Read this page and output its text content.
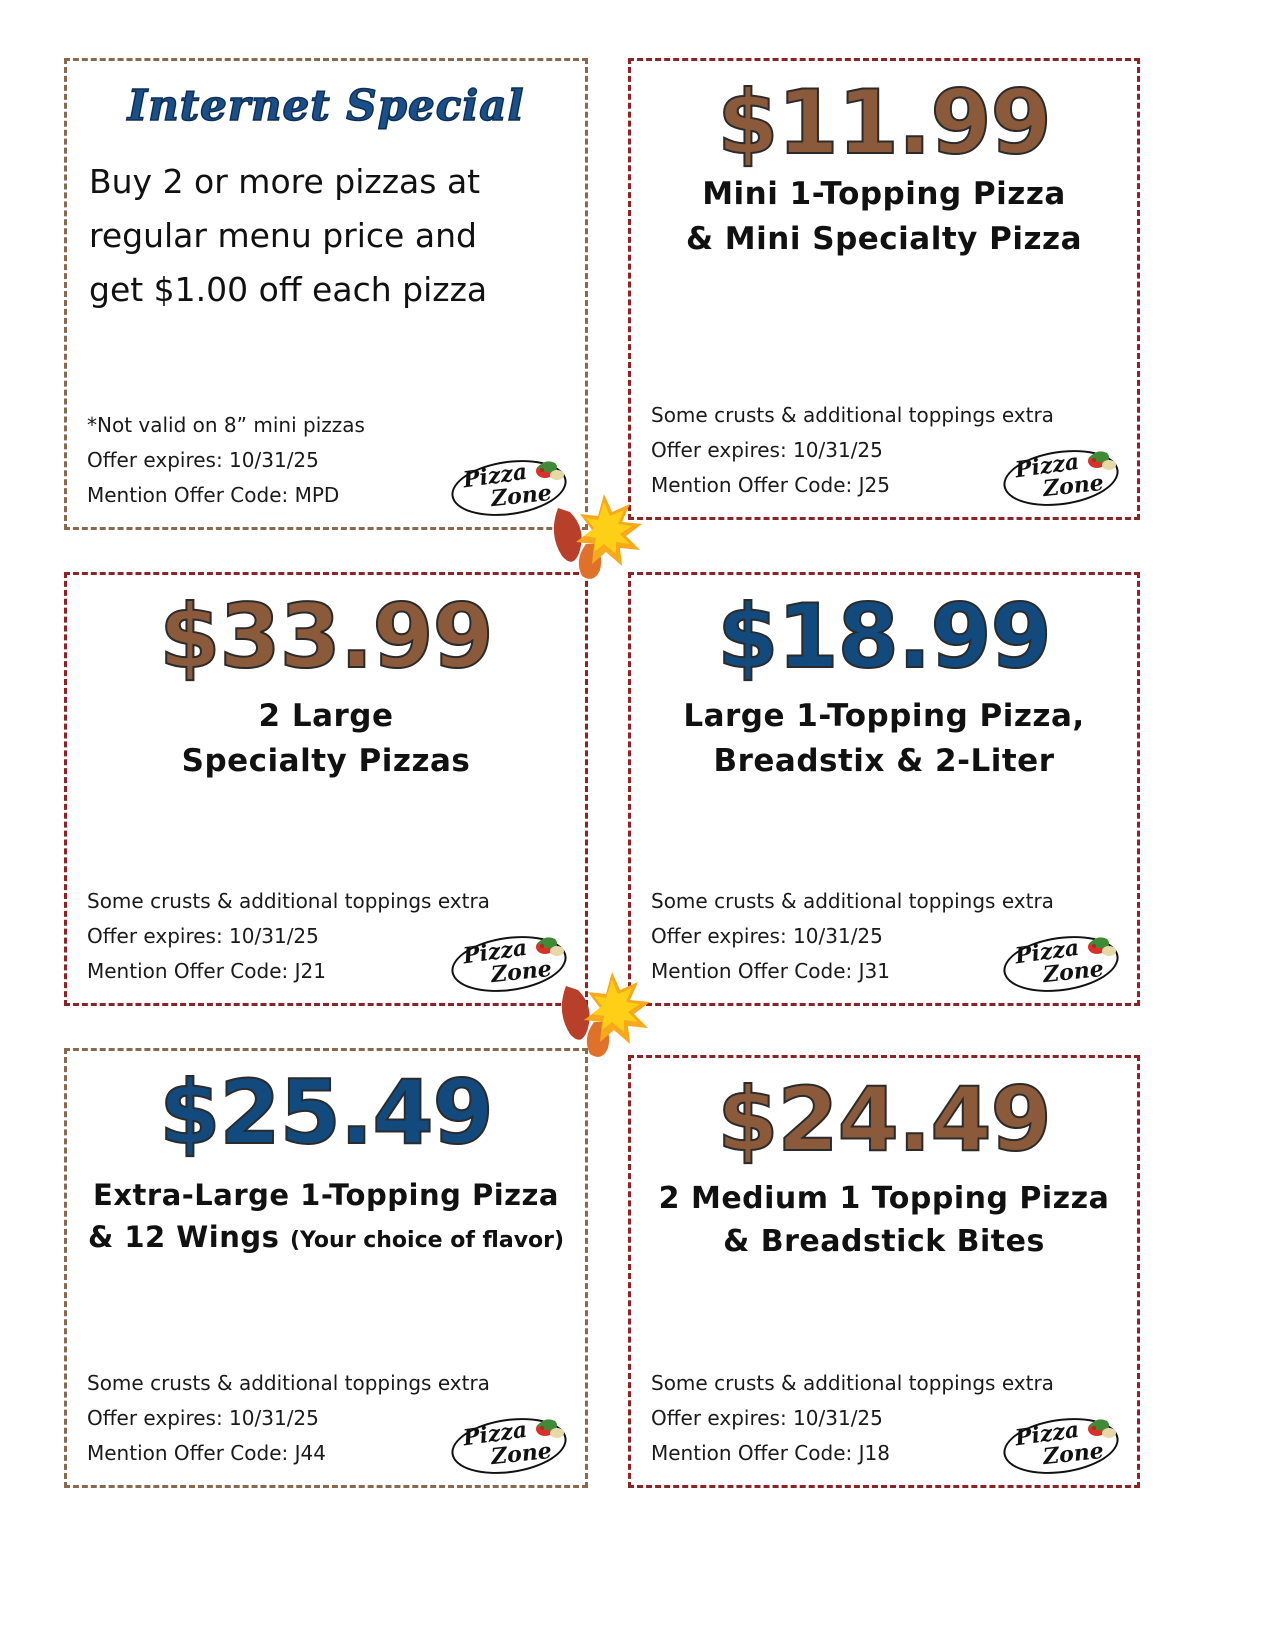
Internet Special
Buy 2 or more pizzas at
regular menu price and
get $1.00 off each pizza
*Not valid on 8” mini pizzas
Offer expires: 10/31/25
Mention Offer Code: MPD
Pizza
Zone
$11.99
Mini 1-Topping Pizza
& Mini Specialty Pizza
Some crusts & additional toppings extra
Offer expires: 10/31/25
Mention Offer Code: J25
Pizza
Zone
$33.99
2 Large
Specialty Pizzas
Some crusts & additional toppings extra
Offer expires: 10/31/25
Mention Offer Code: J21
Pizza
Zone
$18.99
Large 1-Topping Pizza,
Breadstix & 2-Liter
Some crusts & additional toppings extra
Offer expires: 10/31/25
Mention Offer Code: J31
Pizza
Zone
$25.49
Extra-Large 1-Topping Pizza
& 12 Wings (Your choice of flavor)
Some crusts & additional toppings extra
Offer expires: 10/31/25
Mention Offer Code: J44
Pizza
Zone
$24.49
2 Medium 1 Topping Pizza
& Breadstick Bites
Some crusts & additional toppings extra
Offer expires: 10/31/25
Mention Offer Code: J18
Pizza
Zone
